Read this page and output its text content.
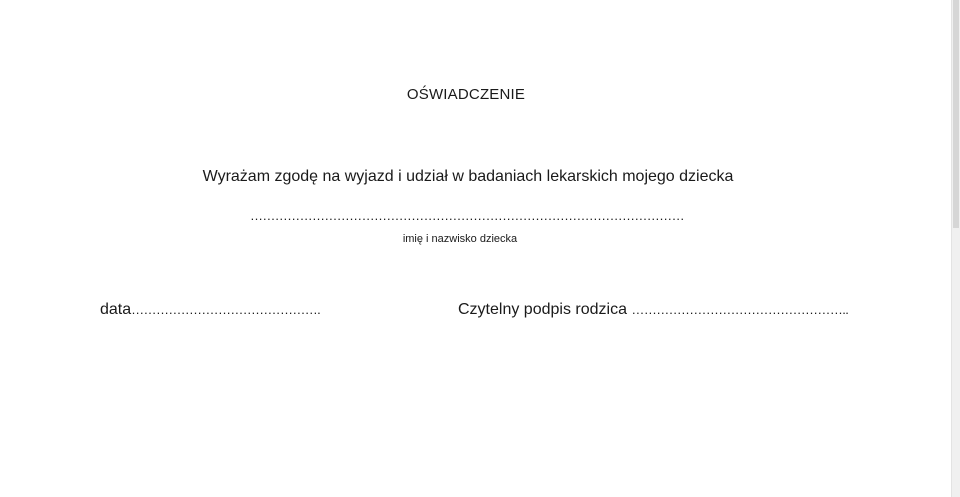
OŚWIADCZENIE
Wyrażam zgodę na wyjazd i udział w badaniach lekarskich mojego dziecka
……………………………………………………………………………………………
imię i nazwisko dziecka
data……………………………………….	Czytelny podpis rodzica ……………………………………………..
